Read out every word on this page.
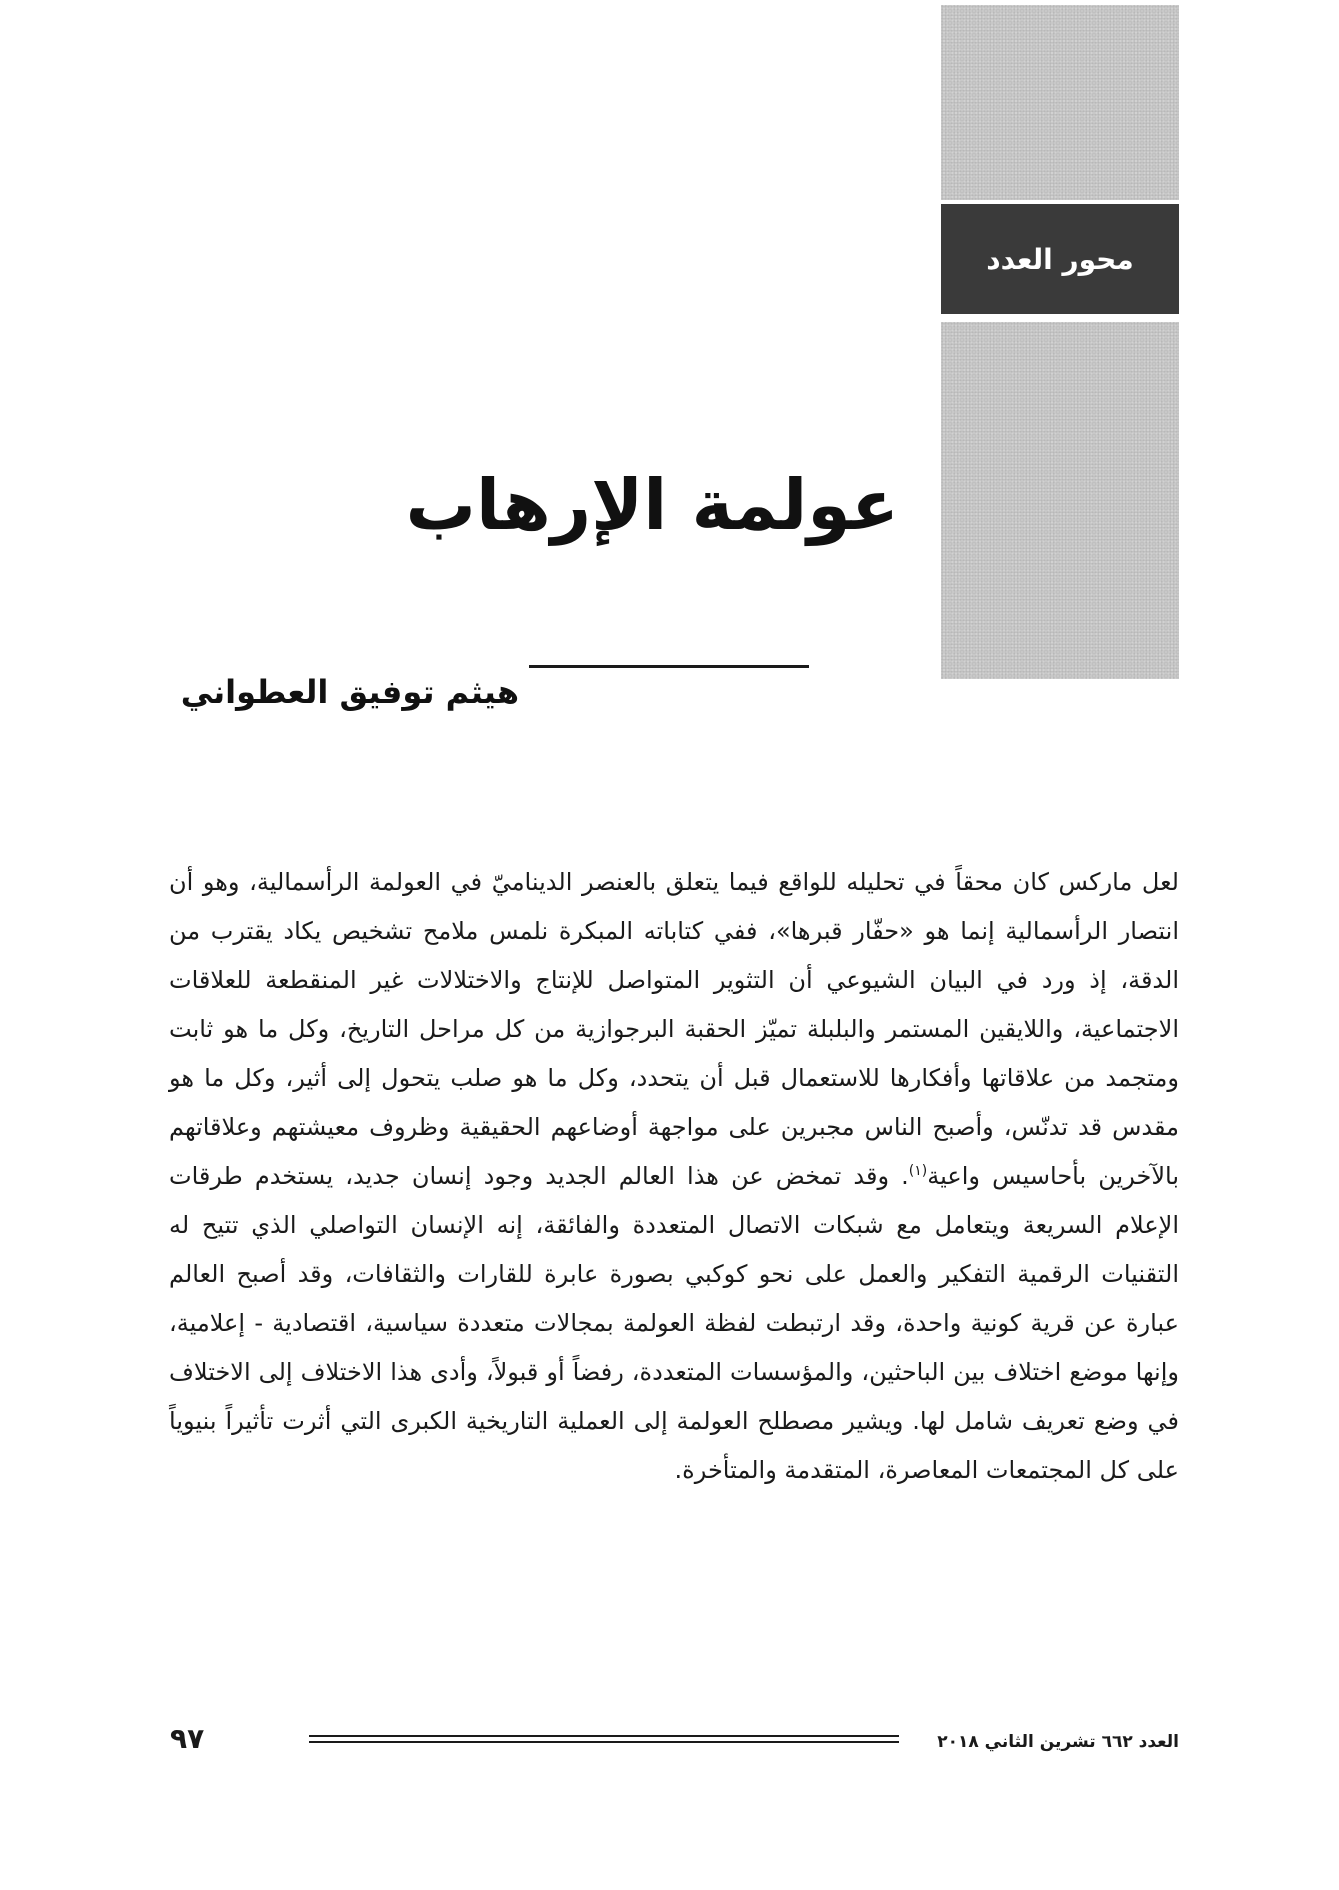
محور العدد
عولمة الإرهاب
هيثم توفيق العطواني

لعل ماركس كان محقاً في تحليله للواقع فيما يتعلق بالعنصر الديناميّ في العولمة الرأسمالية، وهو أن انتصار الرأسمالية إنما هو «حفّار قبرها»، ففي كتاباته المبكرة نلمس ملامح تشخيص يكاد يقترب من الدقة، إذ ورد في البيان الشيوعي أن التثوير المتواصل للإنتاج والاختلالات غير المنقطعة للعلاقات الاجتماعية، واللايقين المستمر والبلبلة تميّز الحقبة البرجوازية من كل مراحل التاريخ، وكل ما هو ثابت ومتجمد من علاقاتها وأفكارها للاستعمال قبل أن يتحدد، وكل ما هو صلب يتحول إلى أثير، وكل ما هو مقدس قد تدنّس، وأصبح الناس مجبرين على مواجهة أوضاعهم الحقيقية وظروف معيشتهم وعلاقاتهم بالآخرين بأحاسيس واعية$^{(١)}$. وقد تمخض عن هذا العالم الجديد وجود إنسان جديد، يستخدم طرقات الإعلام السريعة ويتعامل مع شبكات الاتصال المتعددة والفائقة، إنه الإنسان التواصلي الذي تتيح له التقنيات الرقمية التفكير والعمل على نحو كوكبي بصورة عابرة للقارات والثقافات، وقد أصبح العالم عبارة عن قرية كونية واحدة، وقد ارتبطت لفظة العولمة بمجالات متعددة سياسية، اقتصادية - إعلامية، وإنها موضع اختلاف بين الباحثين، والمؤسسات المتعددة، رفضاً أو قبولاً، وأدى هذا الاختلاف إلى الاختلاف في وضع تعريف شامل لها. ويشير مصطلح العولمة إلى العملية التاريخية الكبرى التي أثرت تأثيراً بنيوياً على كل المجتمعات المعاصرة، المتقدمة والمتأخرة.

العدد ٦٦٢ تشرين الثاني ٢٠١٨
٩٧
